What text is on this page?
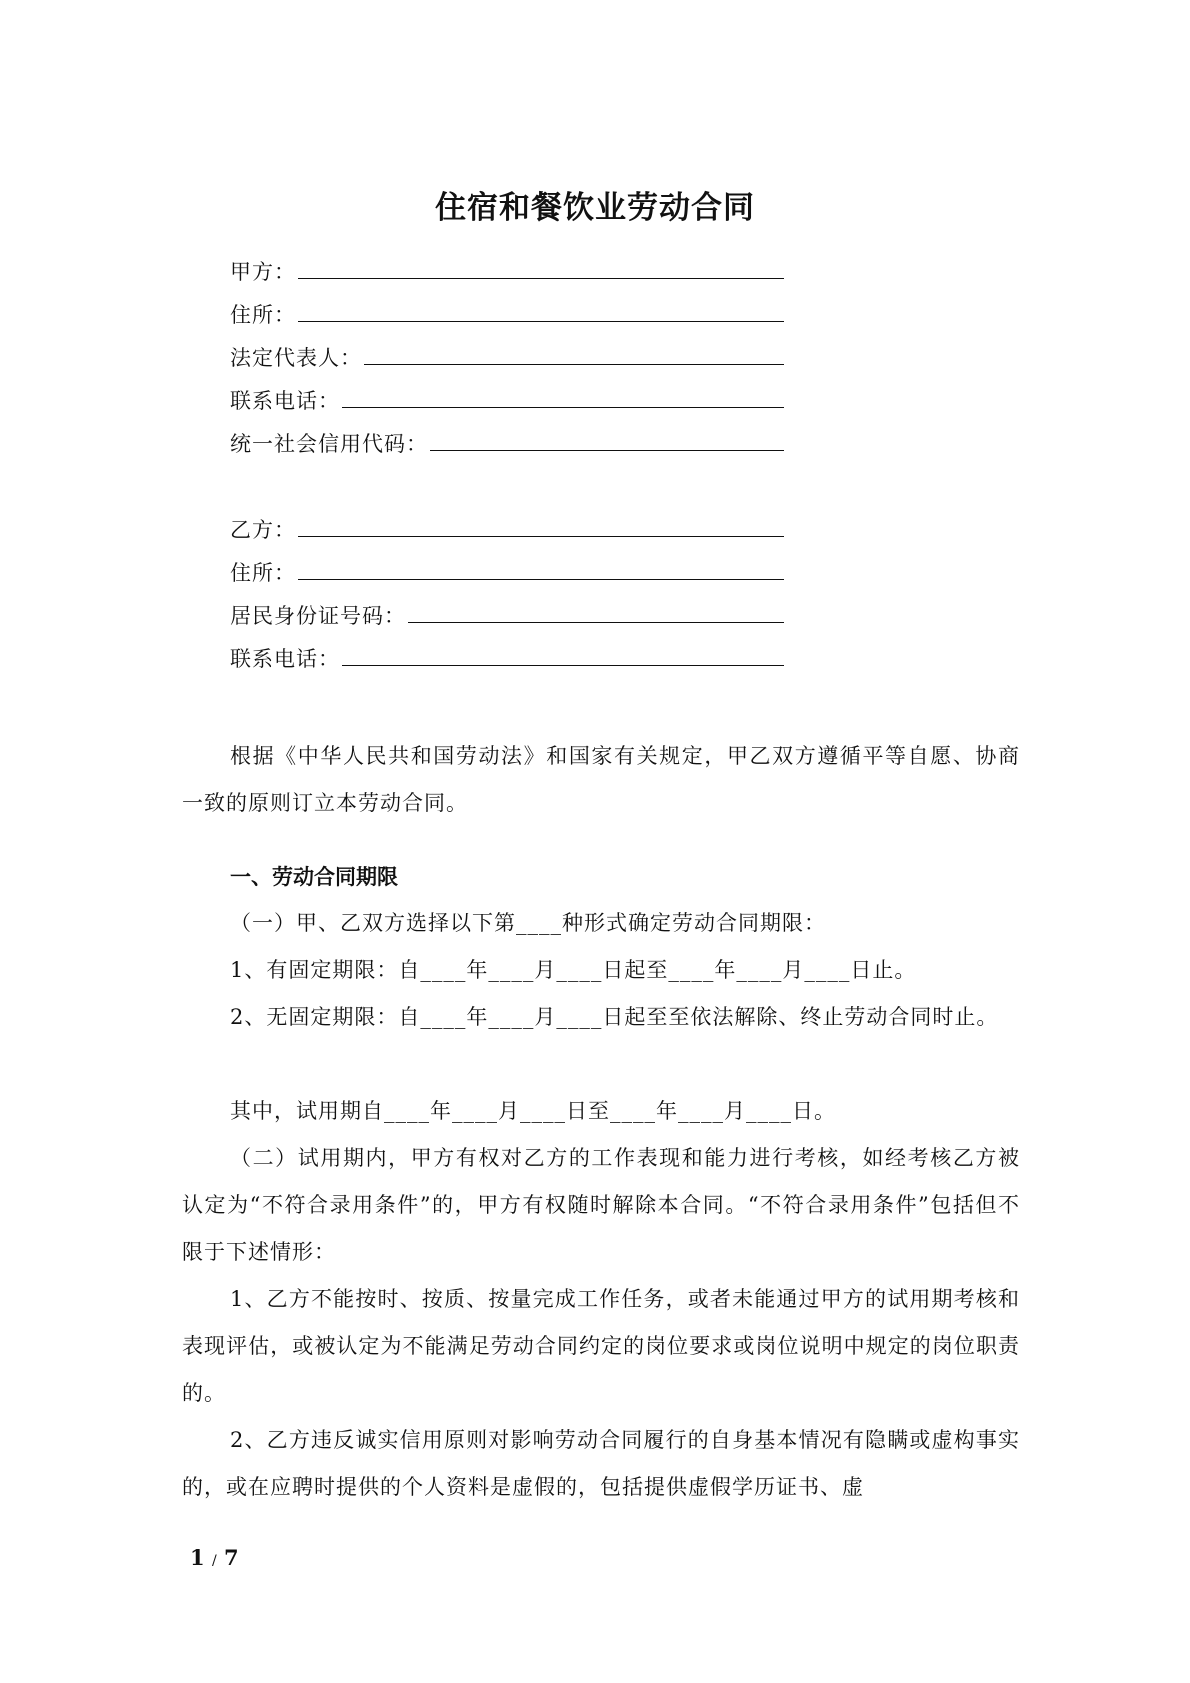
住宿和餐饮业劳动合同
甲方：
住所：
法定代表人：
联系电话：
统一社会信用代码：
乙方：
住所：
居民身份证号码：
联系电话：

根据《中华人民共和国劳动法》和国家有关规定，甲乙双方遵循平等自愿、协商一致的原则订立本劳动合同。

一、劳动合同期限

（一）甲、乙双方选择以下第____种形式确定劳动合同期限：

1、有固定期限：自____年____月____日起至____年____月____日止。

2、无固定期限：自____年____月____日起至至依法解除、终止劳动合同时止。

其中，试用期自____年____月____日至____年____月____日。

（二）试用期内，甲方有权对乙方的工作表现和能力进行考核，如经考核乙方被认定为“不符合录用条件”的，甲方有权随时解除本合同。“不符合录用条件”包括但不限于下述情形：

1、乙方不能按时、按质、按量完成工作任务，或者未能通过甲方的试用期考核和表现评估，或被认定为不能满足劳动合同约定的岗位要求或岗位说明中规定的岗位职责的。

2、乙方违反诚实信用原则对影响劳动合同履行的自身基本情况有隐瞒或虚构事实的，或在应聘时提供的个人资料是虚假的，包括提供虚假学历证书、虚

1 / 7
